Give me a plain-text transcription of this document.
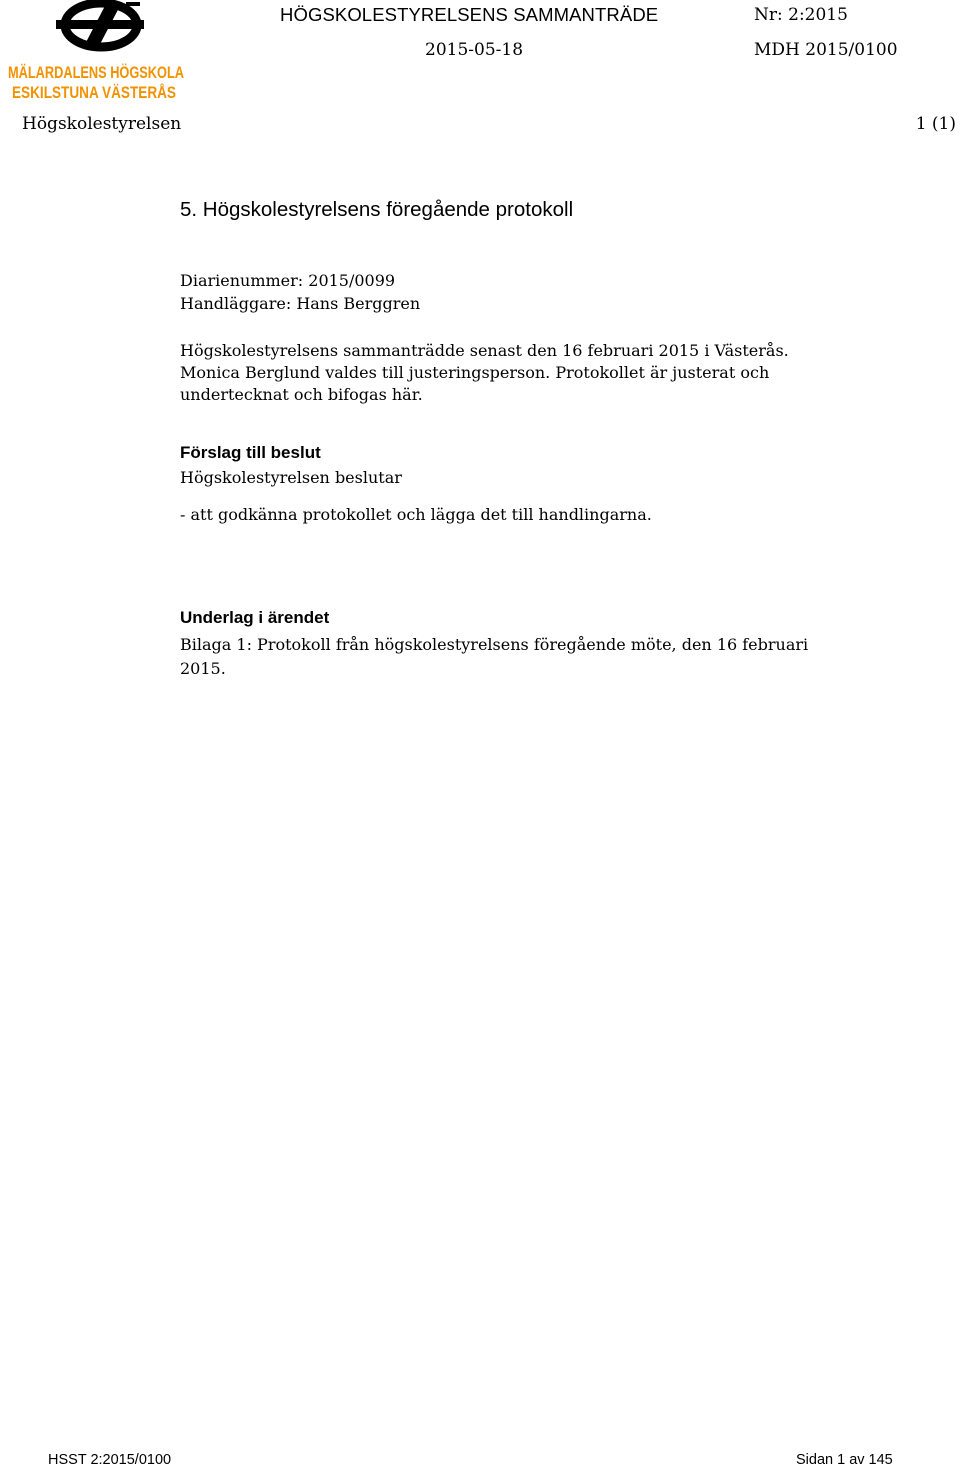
MÄLARDALENS HÖGSKOLA
ESKILSTUNA VÄSTERÅS
HÖGSKOLESTYRELSENS SAMMANTRÄDE	Nr: 2:2015
2015-05-18	MDH 2015/0100
Högskolestyrelsen	1 (1)
5. Högskolestyrelsens föregående protokoll
Diarienummer: 2015/0099
Handläggare: Hans Berggren

Högskolestyrelsens sammanträdde senast den 16 februari 2015 i Västerås.

Monica Berglund valdes till justeringsperson. Protokollet är justerat och undertecknat och bifogas här.

Förslag till beslut
Högskolestyrelsen beslutar
- att godkänna protokollet och lägga det till handlingarna.
Underlag i ärendet
Bilaga 1: Protokoll från högskolestyrelsens föregående möte, den 16 februari 2015.
HSST 2:2015/0100	Sidan 1 av 145
